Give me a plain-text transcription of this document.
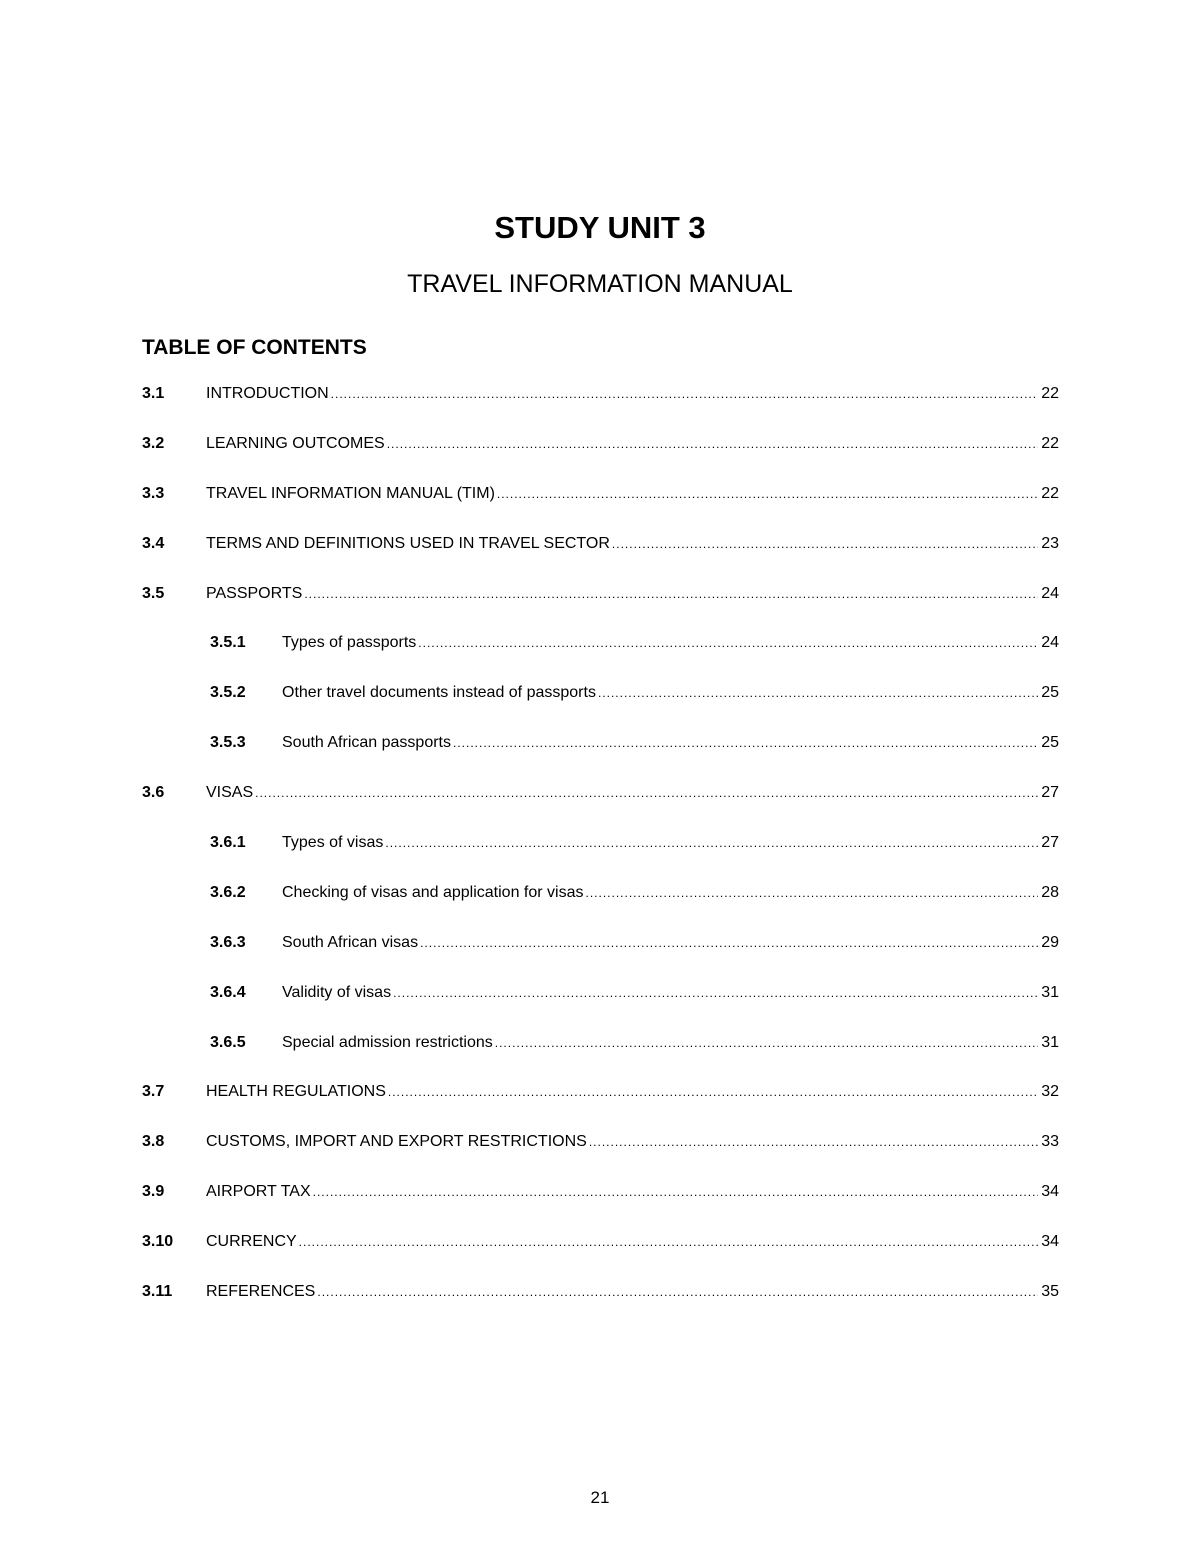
STUDY UNIT 3
TRAVEL INFORMATION MANUAL
TABLE OF CONTENTS
3.1	INTRODUCTION .....	22
3.2	LEARNING OUTCOMES .....	22
3.3	TRAVEL INFORMATION MANUAL (TIM) .....	22
3.4	TERMS AND DEFINITIONS USED IN TRAVEL SECTOR .....	23
3.5	PASSPORTS .....	24
3.5.1	Types of passports .....	24
3.5.2	Other travel documents instead of passports .....	25
3.5.3	South African passports .....	25
3.6	VISAS .....	27
3.6.1	Types of visas .....	27
3.6.2	Checking of visas and application for visas .....	28
3.6.3	South African visas .....	29
3.6.4	Validity of visas .....	31
3.6.5	Special admission restrictions .....	31
3.7	HEALTH REGULATIONS .....	32
3.8	CUSTOMS, IMPORT AND EXPORT RESTRICTIONS .....	33
3.9	AIRPORT TAX .....	34
3.10	CURRENCY .....	34
3.11	REFERENCES .....	35
21
